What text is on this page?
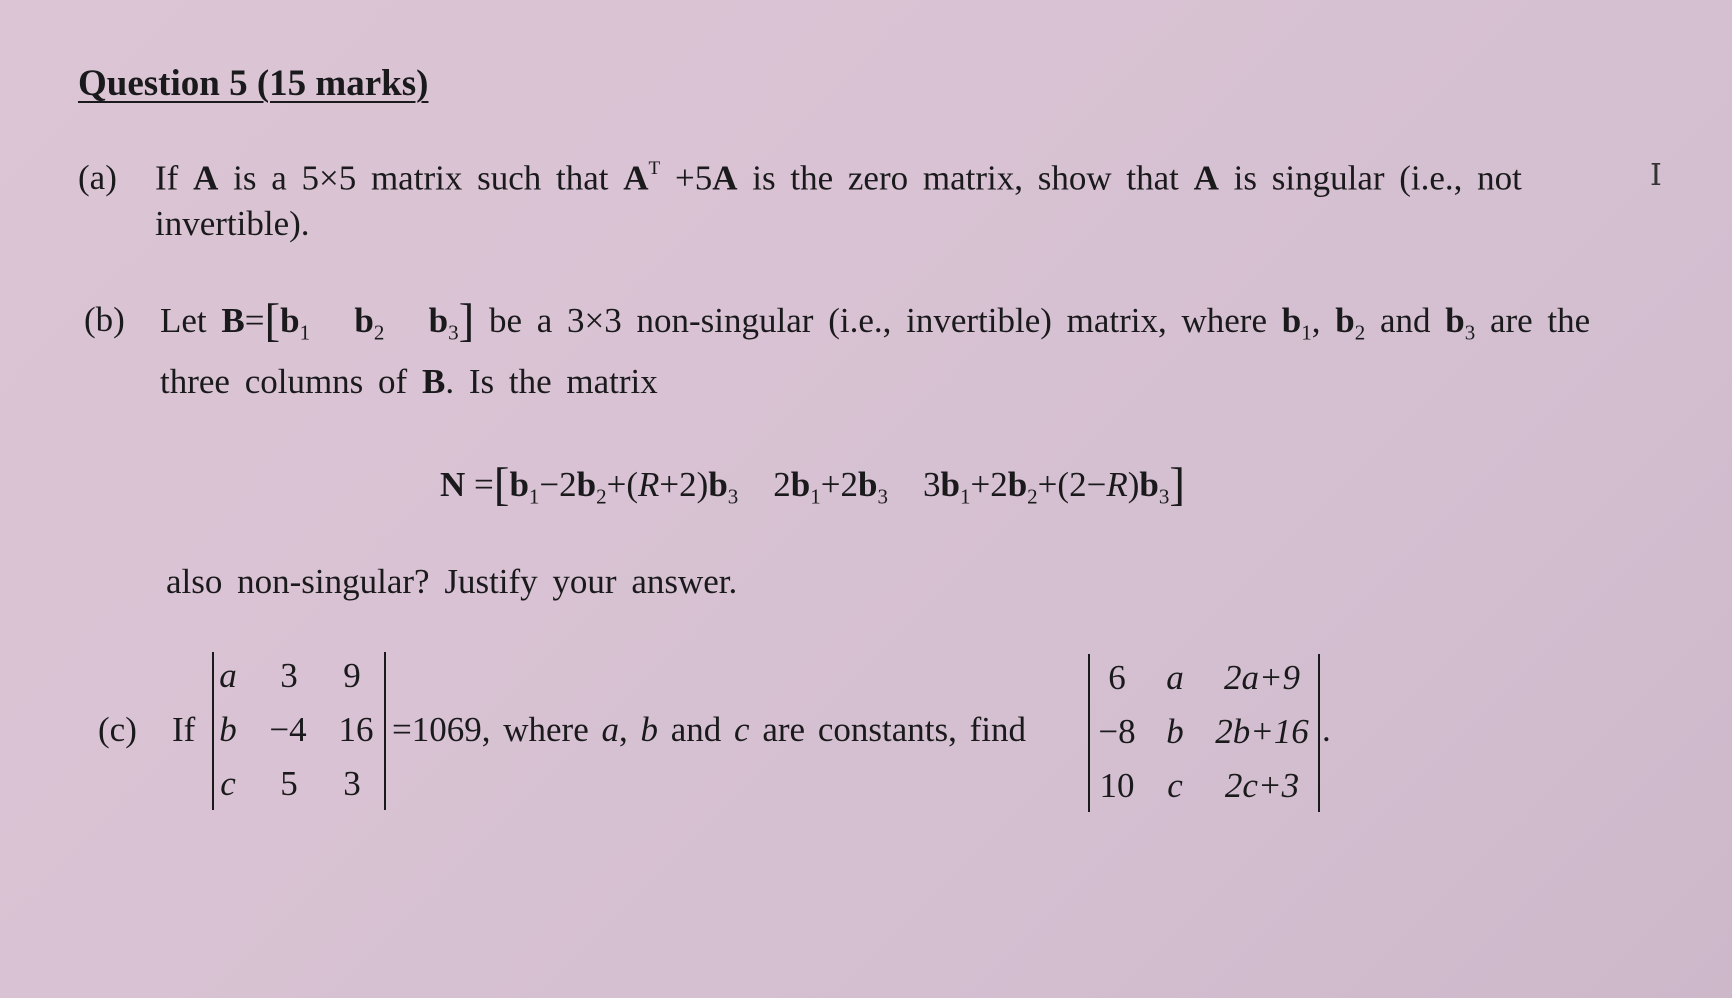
Question 5 (15 marks)
I
(a) If A is a 5×5 matrix such that $A^T +5A$ is the zero matrix, show that A is singular (i.e., not
invertible).
(b) Let $B=[b_1$ $b_2$ $b_3$] be a 3×3 non-singular (i.e., invertible) matrix, where $b_1$, $b_2$ and $b_3$ are the
three columns of B. Is the matrix
$N =[b_1-2b_2+(R+2)b_3$ $2b_1+2b_3$ $3b_1+2b_2+(2-R)b_3$]
also non-singular? Justify your answer.
(c) If
a 3	9
b −4 16
c 5	3
=1069, where a, b and c are constants, find
6	a	2a+9
−8 b 2b+16
10 c	2c+3
.
